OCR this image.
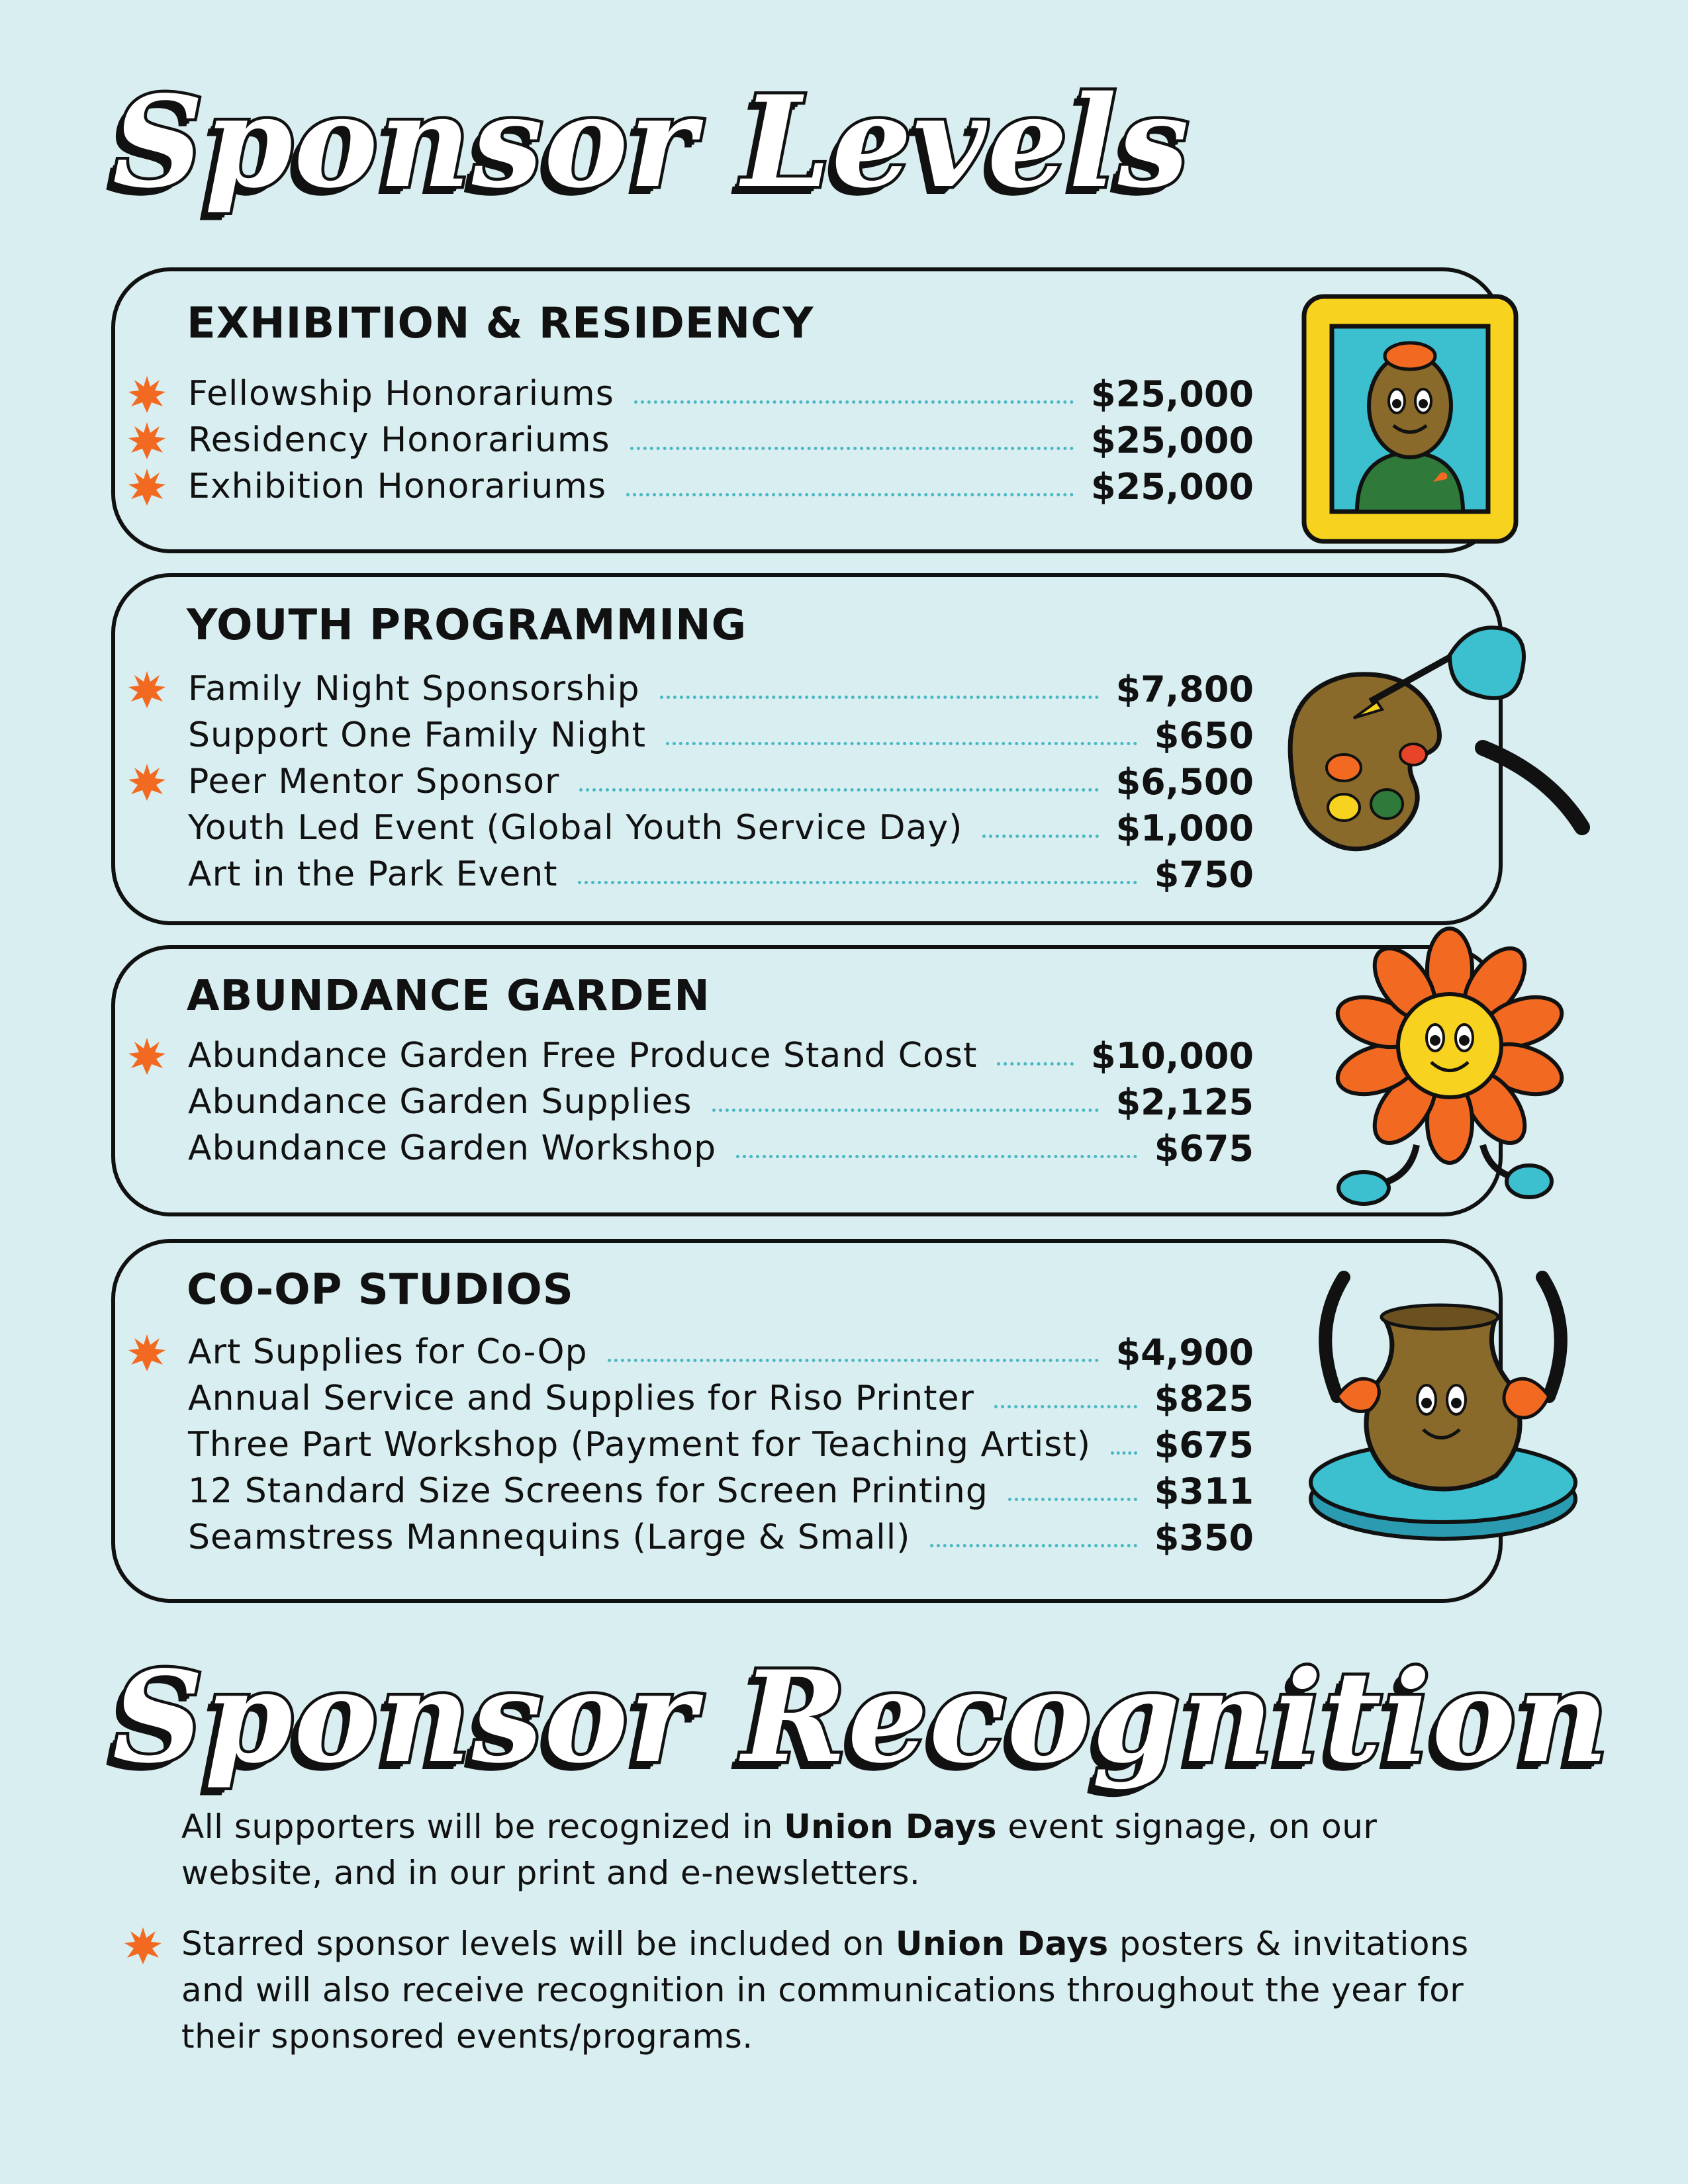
Sponsor Levels
EXHIBITION & RESIDENCY
Fellowship Honorariums	$25,000
Residency Honorariums	$25,000
Exhibition Honorariums	$25,000
YOUTH PROGRAMMING
Family Night Sponsorship	$7,800
Support One Family Night	$650
Peer Mentor Sponsor	$6,500
Youth Led Event (Global Youth Service Day)	$1,000
Art in the Park Event	$750
ABUNDANCE GARDEN
Abundance Garden Free Produce Stand Cost	$10,000
Abundance Garden Supplies	$2,125
Abundance Garden Workshop	$675
CO-OP STUDIOS
Art Supplies for Co-Op	$4,900
Annual Service and Supplies for Riso Printer	$825
Three Part Workshop (Payment for Teaching Artist) $675
12 Standard Size Screens for Screen Printing	$311
Seamstress Mannequins (Large & Small)	$350
Sponsor Recognition

All supporters will be recognized in Union Days event signage, on our website, and in our print and e-newsletters.

Starred sponsor levels will be included on Union Days posters & invitations and will also receive recognition in communications throughout the year for their sponsored events/programs.
